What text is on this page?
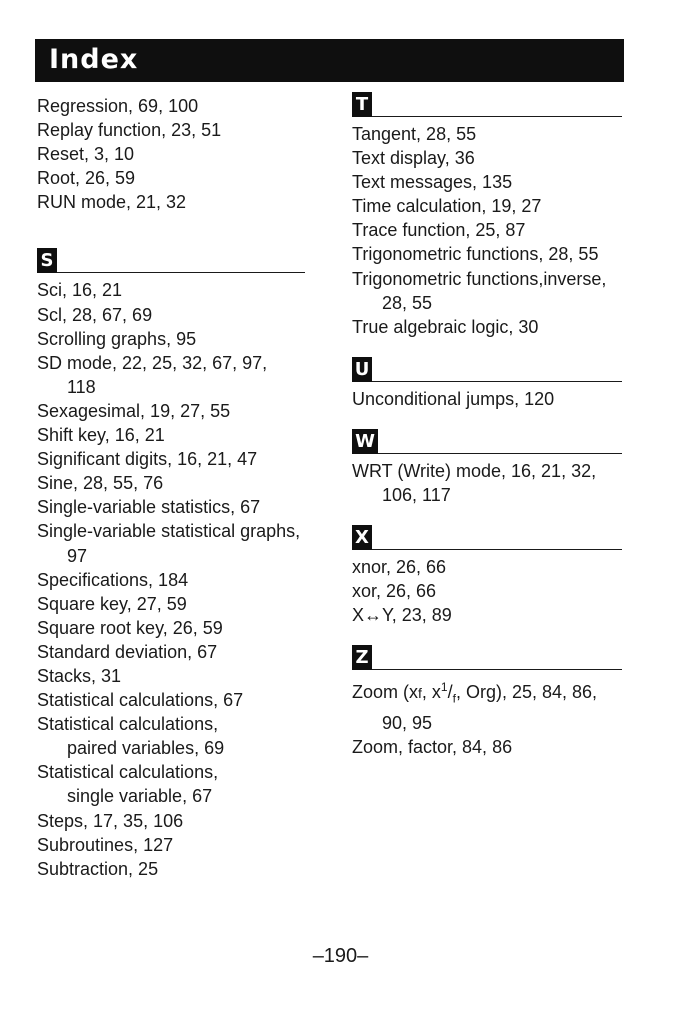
Index
Regression, 69, 100
Replay function, 23, 51
Reset, 3, 10
Root, 26, 59
RUN mode, 21, 32
S
Sci, 16, 21
Scl, 28, 67, 69
Scrolling graphs, 95
SD mode, 22, 25, 32, 67, 97,
118
Sexagesimal, 19, 27, 55
Shift key, 16, 21
Significant digits, 16, 21, 47
Sine, 28, 55, 76
Single-variable statistics, 67
Single-variable statistical graphs,
97
Specifications, 184
Square key, 27, 59
Square root key, 26, 59
Standard deviation, 67
Stacks, 31
Statistical calculations, 67
Statistical calculations,
paired variables, 69
Statistical calculations,
single variable, 67
Steps, 17, 35, 106
Subroutines, 127
Subtraction, 25
T
Tangent, 28, 55
Text display, 36
Text messages, 135
Time calculation, 19, 27
Trace function, 25, 87
Trigonometric functions, 28, 55
Trigonometric functions,inverse,
28, 55
True algebraic logic, 30
U
Unconditional jumps, 120
W
WRT (Write) mode, 16, 21, 32,
106, 117
X
xnor, 26, 66
xor, 26, 66
X↔Y, 23, 89
Z
Zoom (xf, $x^1/_f$, Org), 25, 84, 86,
90, 95
Zoom, factor, 84, 86
–190–
